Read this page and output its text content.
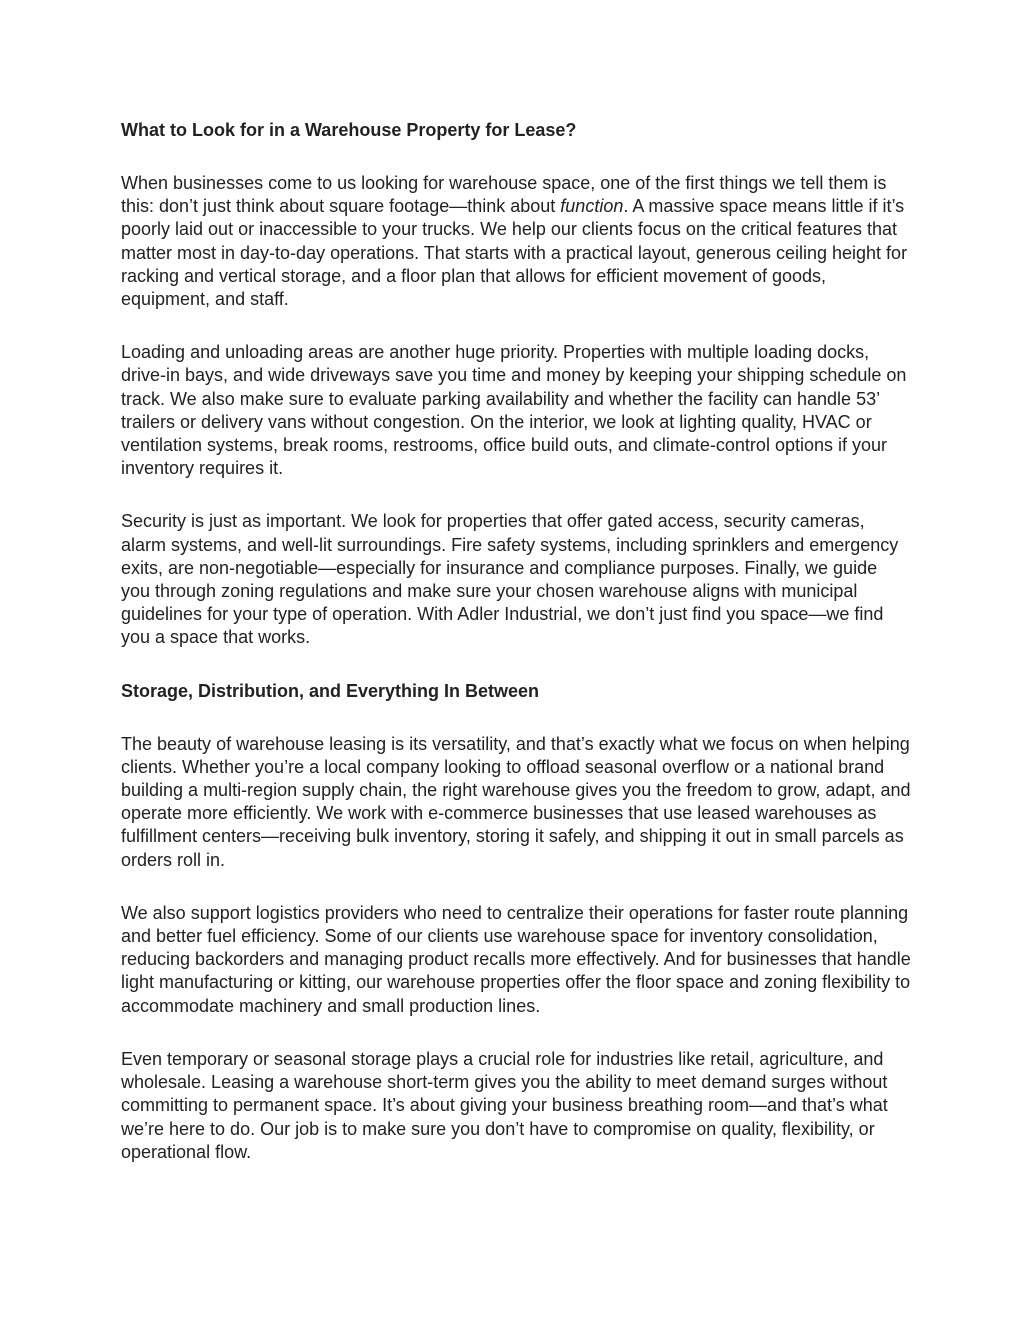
What to Look for in a Warehouse Property for Lease?

When businesses come to us looking for warehouse space, one of the first things we tell them is this: don’t just think about square footage—think about function. A massive space means little if it’s poorly laid out or inaccessible to your trucks. We help our clients focus on the critical features that matter most in day-to-day operations. That starts with a practical layout, generous ceiling height for racking and vertical storage, and a floor plan that allows for efficient movement of goods, equipment, and staff.

Loading and unloading areas are another huge priority. Properties with multiple loading docks, drive-in bays, and wide driveways save you time and money by keeping your shipping schedule on track. We also make sure to evaluate parking availability and whether the facility can handle 53’ trailers or delivery vans without congestion. On the interior, we look at lighting quality, HVAC or ventilation systems, break rooms, restrooms, office build outs, and climate-control options if your inventory requires it.

Security is just as important. We look for properties that offer gated access, security cameras, alarm systems, and well-lit surroundings. Fire safety systems, including sprinklers and emergency exits, are non-negotiable—especially for insurance and compliance purposes. Finally, we guide you through zoning regulations and make sure your chosen warehouse aligns with municipal guidelines for your type of operation. With Adler Industrial, we don’t just find you space—we find you a space that works.

Storage, Distribution, and Everything In Between

The beauty of warehouse leasing is its versatility, and that’s exactly what we focus on when helping clients. Whether you’re a local company looking to offload seasonal overflow or a national brand building a multi-region supply chain, the right warehouse gives you the freedom to grow, adapt, and operate more efficiently. We work with e-commerce businesses that use leased warehouses as fulfillment centers—receiving bulk inventory, storing it safely, and shipping it out in small parcels as orders roll in.

We also support logistics providers who need to centralize their operations for faster route planning and better fuel efficiency. Some of our clients use warehouse space for inventory consolidation, reducing backorders and managing product recalls more effectively. And for businesses that handle light manufacturing or kitting, our warehouse properties offer the floor space and zoning flexibility to accommodate machinery and small production lines.

Even temporary or seasonal storage plays a crucial role for industries like retail, agriculture, and wholesale. Leasing a warehouse short-term gives you the ability to meet demand surges without committing to permanent space. It’s about giving your business breathing room—and that’s what we’re here to do. Our job is to make sure you don’t have to compromise on quality, flexibility, or operational flow.
